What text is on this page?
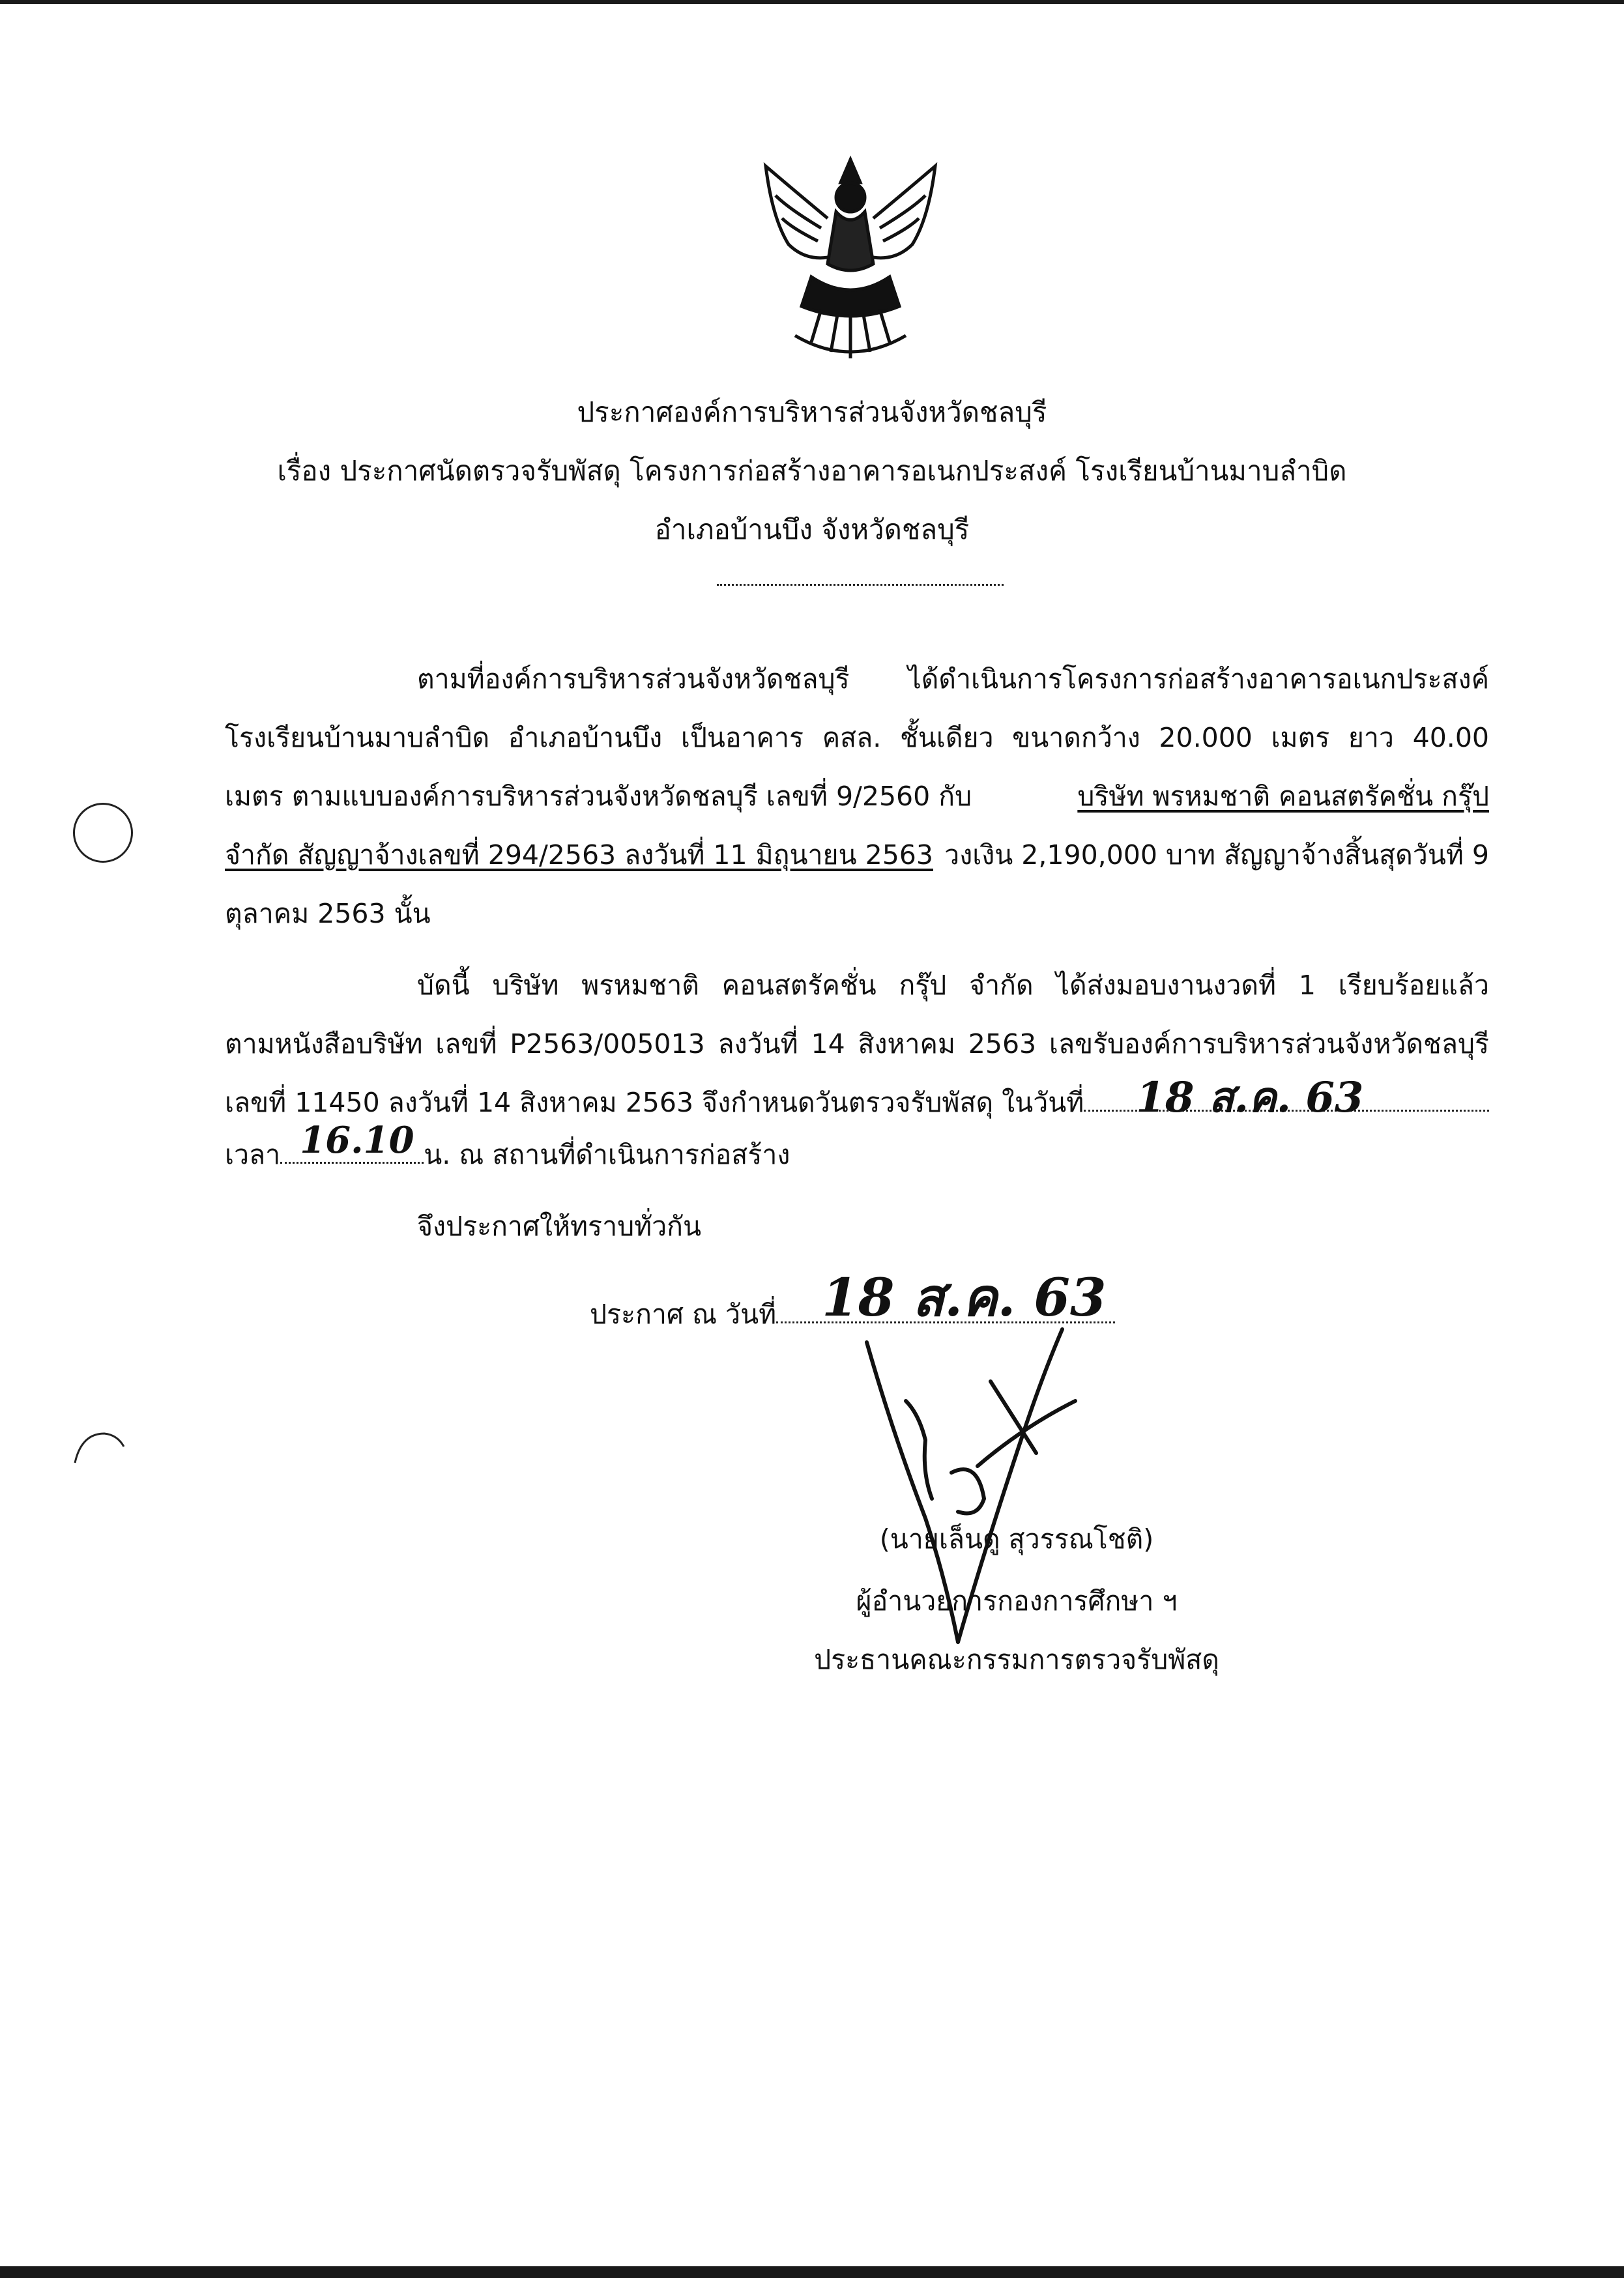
ประกาศองค์การบริหารส่วนจังหวัดชลบุรี
เรื่อง ประกาศนัดตรวจรับพัสดุ โครงการก่อสร้างอาคารอเนกประสงค์ โรงเรียนบ้านมาบลำบิด
อำเภอบ้านบึง จังหวัดชลบุรี
ตามที่องค์การบริหารส่วนจังหวัดชลบุรี ได้ดำเนินการโครงการก่อสร้างอาคารอเนกประสงค์
โรงเรียนบ้านมาบลำบิด อำเภอบ้านบึง เป็นอาคาร คสล. ชั้นเดียว ขนาดกว้าง 20.000 เมตร ยาว 40.00
เมตร ตามแบบองค์การบริหารส่วนจังหวัดชลบุรี เลขที่ 9/2560 กับ	บริษัท พรหมชาติ คอนสตรัคชั่น กรุ๊ป
จำกัด สัญญาจ้างเลขที่ 294/2563 ลงวันที่ 11 มิถุนายน 2563 วงเงิน 2,190,000 บาท สัญญาจ้างสิ้นสุดวันที่ 9
ตุลาคม 2563 นั้น
บัดนี้ บริษัท พรหมชาติ คอนสตรัคชั่น กรุ๊ป จำกัด ได้ส่งมอบงานงวดที่ 1 เรียบร้อยแล้ว
ตามหนังสือบริษัท เลขที่ P2563/005013 ลงวันที่ 14 สิงหาคม 2563 เลขรับองค์การบริหารส่วนจังหวัดชลบุรี
เลขที่ 11450 ลงวันที่ 14 สิงหาคม 2563 จึงกำหนดวันตรวจรับพัสดุ ในวันที่ 18 ส.ค. 63
เวลา 16.10 น. ณ สถานที่ดำเนินการก่อสร้าง
จึงประกาศให้ทราบทั่วกัน
ประกาศ ณ วันที่ 18 ส.ค. 63
(นายเล็นดู สุวรรณโชติ)
ผู้อำนวยการกองการศึกษา ฯ
ประธานคณะกรรมการตรวจรับพัสดุ
